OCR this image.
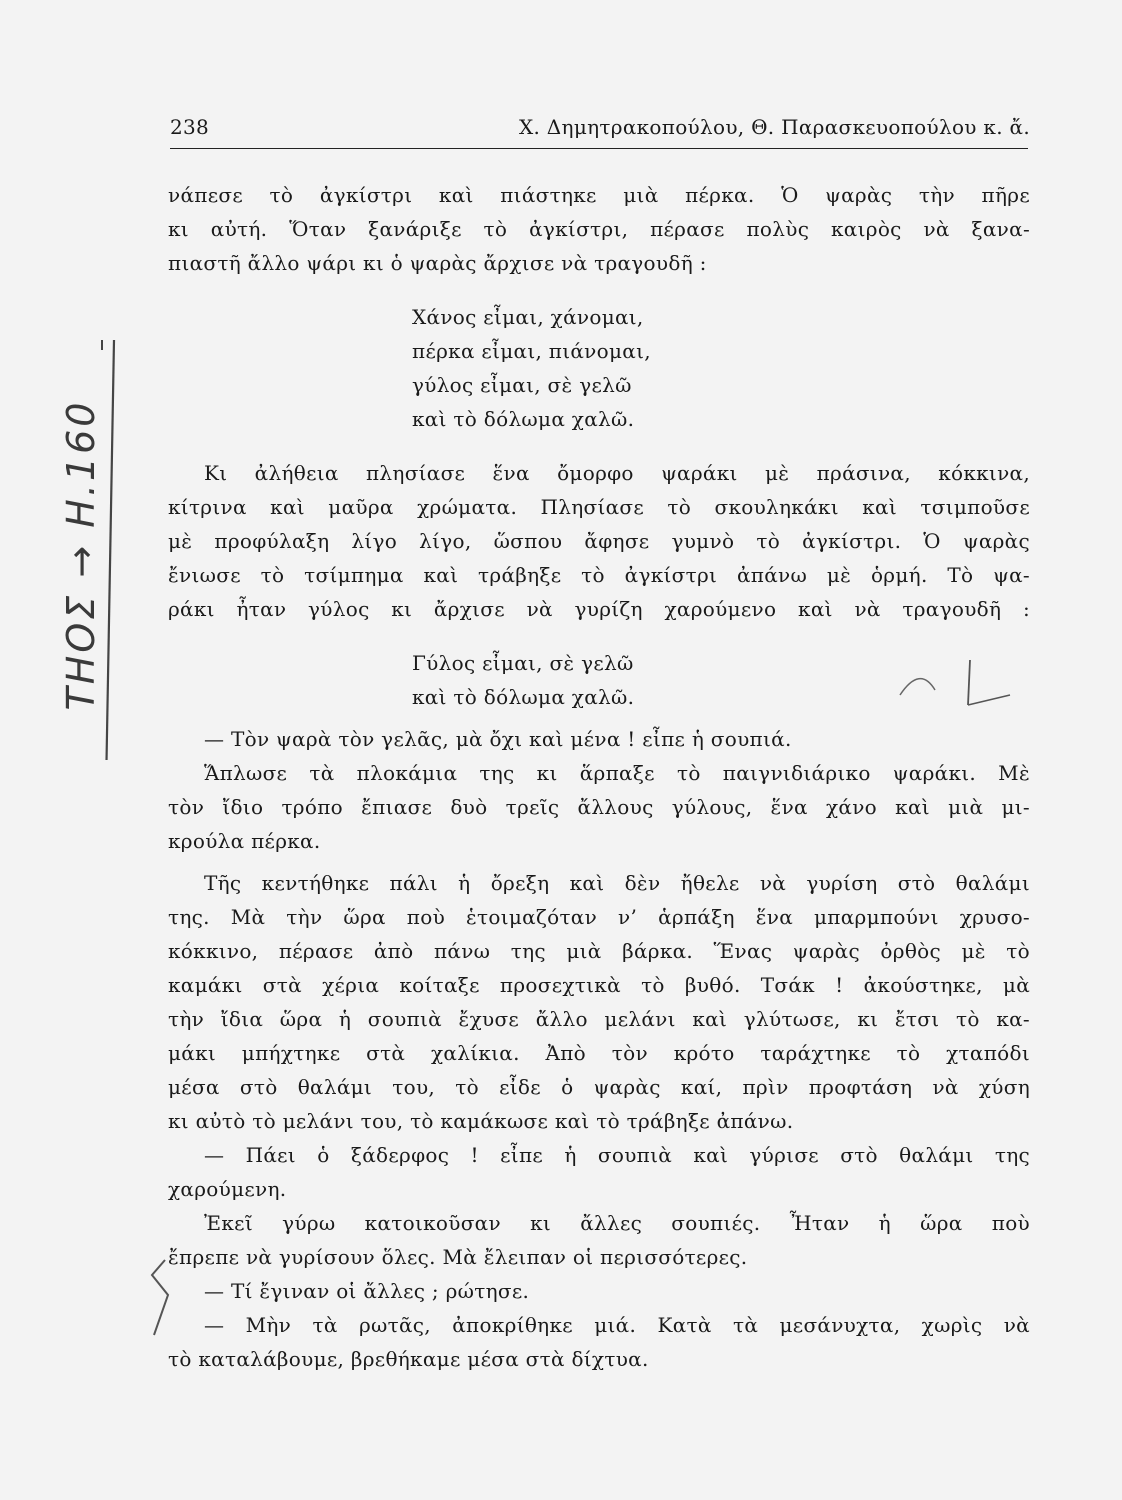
238	Χ. Δημητρακοπούλου, Θ. Παρασκευοπούλου κ. ἄ.
ΤΗΟΣ → Η.160
νάπεσε τὸ ἀγκίστρι καὶ πιάστηκε μιὰ πέρκα. Ὁ ψαρὰς τὴν πῆρε
κι αὐτή. Ὅταν ξανάριξε τὸ ἀγκίστρι, πέρασε πολὺς καιρὸς νὰ ξανα-
πιαστῆ ἄλλο ψάρι κι ὁ ψαρὰς ἄρχισε νὰ τραγουδῆ :
Χάνος εἶμαι, χάνομαι,
πέρκα εἶμαι, πιάνομαι,
γύλος εἶμαι, σὲ γελῶ
καὶ τὸ δόλωμα χαλῶ.
Κι ἀλήθεια πλησίασε ἕνα ὄμορφο ψαράκι μὲ πράσινα, κόκκινα,
κίτρινα καὶ μαῦρα χρώματα. Πλησίασε τὸ σκουληκάκι καὶ τσιμποῦσε
μὲ προφύλαξη λίγο λίγο, ὥσπου ἄφησε γυμνὸ τὸ ἀγκίστρι. Ὁ ψαρὰς
ἔνιωσε τὸ τσίμπημα καὶ τράβηξε τὸ ἀγκίστρι ἀπάνω μὲ ὁρμή. Τὸ ψα-
ράκι ἦταν γύλος κι ἄρχισε νὰ γυρίζη χαρούμενο καὶ νὰ τραγουδῆ :
Γύλος εἶμαι, σὲ γελῶ
καὶ τὸ δόλωμα χαλῶ.
— Τὸν ψαρὰ τὸν γελᾶς, μὰ ὄχι καὶ μένα ! εἶπε ἡ σουπιά.
Ἅπλωσε τὰ πλοκάμια της κι ἅρπαξε τὸ παιγνιδιάρικο ψαράκι. Μὲ
τὸν ἴδιο τρόπο ἔπιασε δυὸ τρεῖς ἄλλους γύλους, ἕνα χάνο καὶ μιὰ μι-
κρούλα πέρκα.
Τῆς κεντήθηκε πάλι ἡ ὄρεξη καὶ δὲν ἤθελε νὰ γυρίση στὸ θαλάμι
της. Μὰ τὴν ὥρα ποὺ ἑτοιμαζόταν ν’ ἁρπάξη ἕνα μπαρμπούνι χρυσο-
κόκκινο, πέρασε ἀπὸ πάνω της μιὰ βάρκα. Ἕνας ψαρὰς ὀρθὸς μὲ τὸ
καμάκι στὰ χέρια κοίταξε προσεχτικὰ τὸ βυθό. Τσάκ ! ἀκούστηκε, μὰ
τὴν ἴδια ὥρα ἡ σουπιὰ ἔχυσε ἄλλο μελάνι καὶ γλύτωσε, κι ἔτσι τὸ κα-
μάκι μπήχτηκε στὰ χαλίκια. Ἀπὸ τὸν κρότο ταράχτηκε τὸ χταπόδι
μέσα στὸ θαλάμι του, τὸ εἶδε ὁ ψαρὰς καί, πρὶν προφτάση νὰ χύση
κι αὐτὸ τὸ μελάνι του, τὸ καμάκωσε καὶ τὸ τράβηξε ἀπάνω.
— Πάει ὁ ξάδερφος ! εἶπε ἡ σουπιὰ καὶ γύρισε στὸ θαλάμι της
χαρούμενη.
Ἐκεῖ γύρω κατοικοῦσαν κι ἄλλες σουπιές. Ἦταν ἡ ὥρα ποὺ
ἔπρεπε νὰ γυρίσουν ὅλες. Μὰ ἔλειπαν οἱ περισσότερες.
— Τί ἔγιναν οἱ ἄλλες ; ρώτησε.
— Μὴν τὰ ρωτᾶς, ἀποκρίθηκε μιά. Κατὰ τὰ μεσάνυχτα, χωρὶς νὰ
τὸ καταλάβουμε, βρεθήκαμε μέσα στὰ δίχτυα.
